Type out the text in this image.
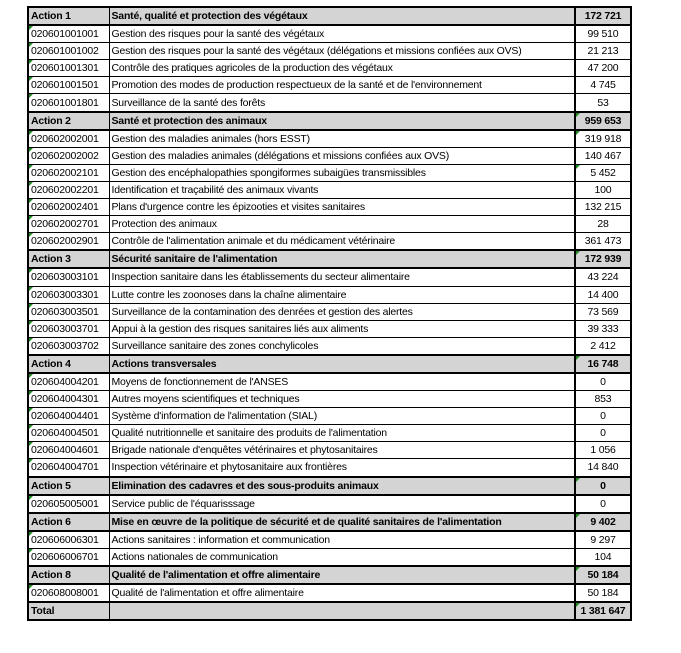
Action 1	Santé, qualité et protection des végétaux	172 721
020601001001	Gestion des risques pour la santé des végétaux	99 510
020601001002	Gestion des risques pour la santé des végétaux (délégations et missions confiées aux OVS)	21 213
020601001301	Contrôle des pratiques agricoles de la production des végétaux	47 200
020601001501	Promotion des modes de production respectueux de la santé et de l'environnement	4 745
020601001801	Surveillance de la santé des forêts	53
Action 2	Santé et protection des animaux	959 653
020602002001	Gestion des maladies animales (hors ESST)	319 918
020602002002	Gestion des maladies animales (délégations et missions confiées aux OVS)	140 467
020602002101	Gestion des encéphalopathies spongiformes subaigües transmissibles	5 452
020602002201	Identification et traçabilité des animaux vivants	100
020602002401	Plans d'urgence contre les épizooties et visites sanitaires	132 215
020602002701	Protection des animaux	28
020602002901	Contrôle de l'alimentation animale et du médicament vétérinaire	361 473
Action 3	Sécurité sanitaire de l'alimentation	172 939
020603003101	Inspection sanitaire dans les établissements du secteur alimentaire	43 224
020603003301	Lutte contre les zoonoses dans la chaîne alimentaire	14 400
020603003501	Surveillance de la contamination des denrées et gestion des alertes	73 569
020603003701	Appui à la gestion des risques sanitaires liés aux aliments	39 333
020603003702	Surveillance sanitaire des zones conchylicoles	2 412
Action 4	Actions transversales	16 748
020604004201	Moyens de fonctionnement de l'ANSES	0
020604004301	Autres moyens scientifiques et techniques	853
020604004401	Système d'information de l'alimentation (SIAL)	0
020604004501	Qualité nutritionnelle et sanitaire des produits de l'alimentation	0
020604004601	Brigade nationale d'enquêtes vétérinaires et phytosanitaires	1 056
020604004701	Inspection vétérinaire et phytosanitaire aux frontières	14 840
Action 5	Elimination des cadavres et des sous-produits animaux	0
020605005001	Service public de l'équarisssage	0
Action 6	Mise en œuvre de la politique de sécurité et de qualité sanitaires de l'alimentation	9 402
020606006301	Actions sanitaires : information et communication	9 297
020606006701	Actions nationales de communication	104
Action 8	Qualité de l'alimentation et offre alimentaire	50 184
020608008001	Qualité de l'alimentation et offre alimentaire	50 184
Total		1 381 647
